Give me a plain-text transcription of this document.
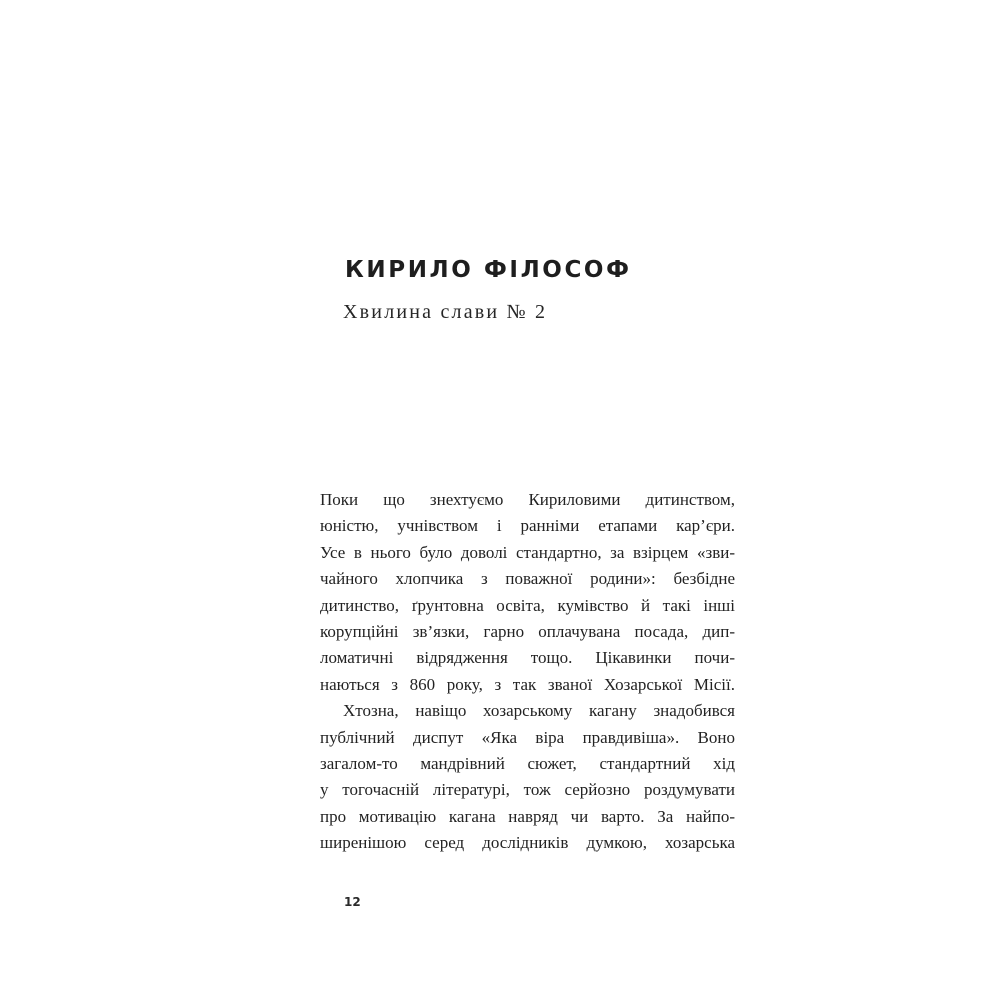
КИРИЛО ФІЛОСОФ
Хвилина слави № 2
Поки що знехтуємо Кириловими дитинством,
юністю, учнівством і ранніми етапами кар’єри.
Усе в нього було доволі стандартно, за взірцем «зви-
чайного хлопчика з поважної родини»: безбідне
дитинство, ґрунтовна освіта, кумівство й такі інші
корупційні зв’язки, гарно оплачувана посада, дип-
ломатичні відрядження тощо. Цікавинки почи-
наються з 860 року, з так званої Хозарської Місії.
Хтозна, навіщо хозарському кагану знадобився
публічний диспут «Яка віра правдивіша». Воно
загалом-то мандрівний сюжет, стандартний хід
у тогочасній літературі, тож серйозно роздумувати
про мотивацію кагана навряд чи варто. За найпо-
ширенішою серед дослідників думкою, хозарська
12
